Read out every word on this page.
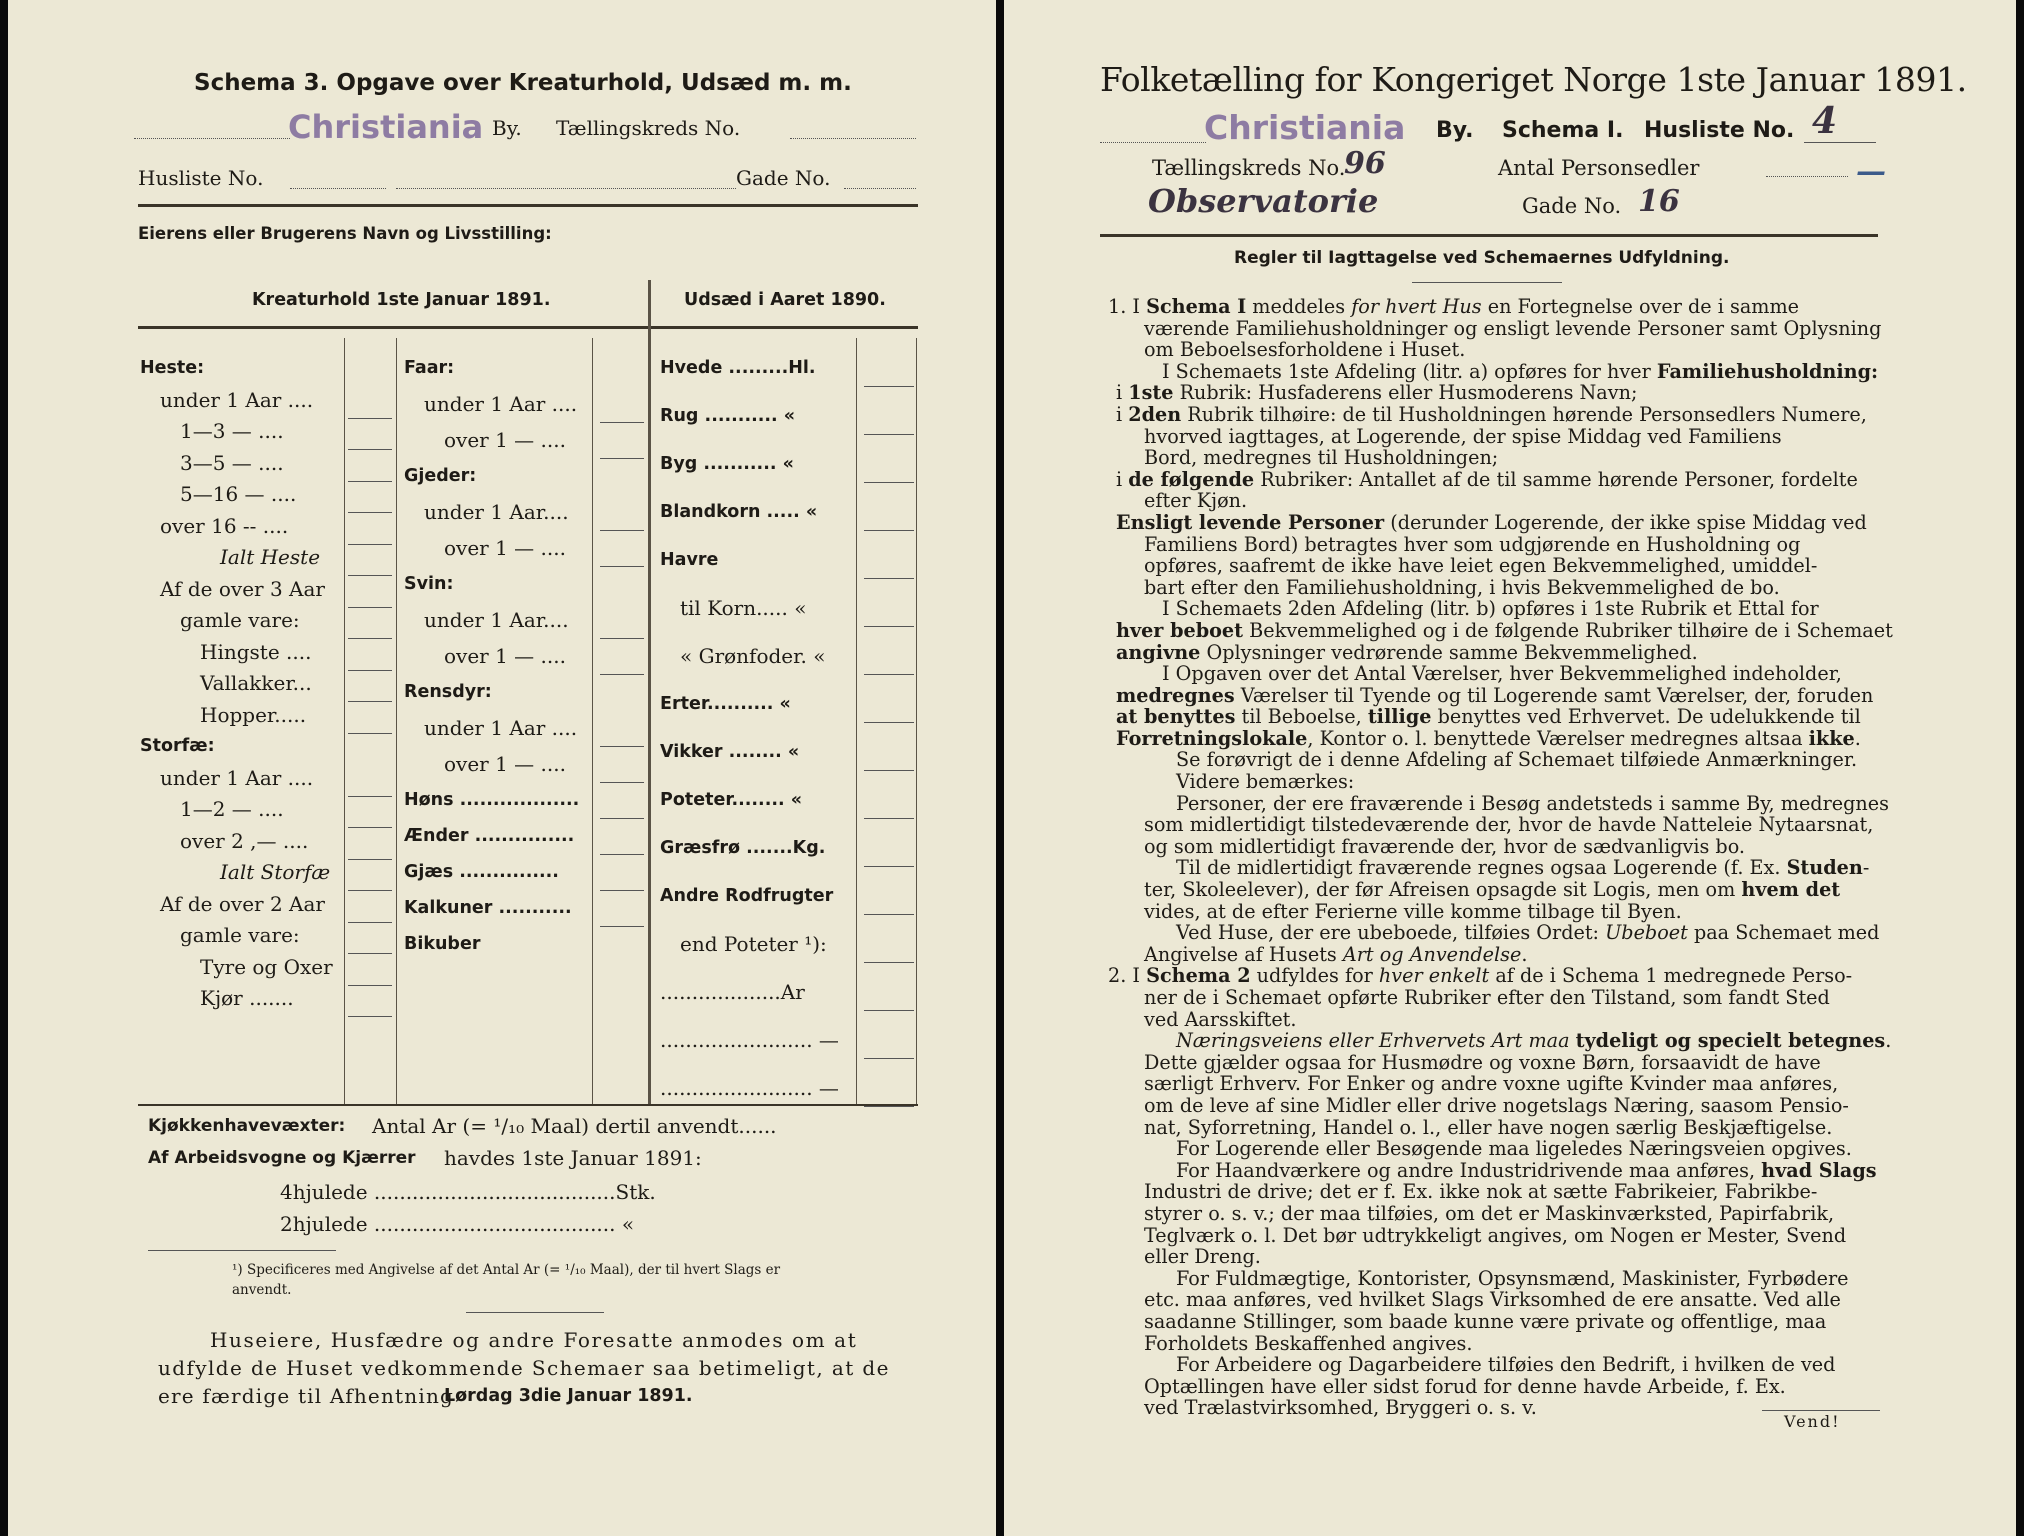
Schema 3. Opgave over Kreaturhold, Udsæd m. m.
Christiania By. Tællingskreds No.
Husliste No.	Gade No.
Eierens eller Brugerens Navn og Livsstilling:
Kreaturhold 1ste Januar 1891.	Udsæd i Aaret 1890.
Heste:
under 1 Aar ....
1—3 — ....
3—5 — ....
5—16 — ....
over 16 -- ....
Ialt Heste
Af de over 3 Aar
gamle vare:
Hingste ....
Vallakker...
Hopper.....
Storfæ:
under 1 Aar ....
1—2 — ....
over 2 ,— ....
Ialt Storfæ
Af de over 2 Aar
gamle vare:
Tyre og Oxer
Kjør .......
Faar:
under 1 Aar ....
over 1 — ....
Gjeder:
under 1 Aar....
over 1 — ....
Svin:
under 1 Aar....
over 1 — ....
Rensdyr:
under 1 Aar ....
over 1 — ....
Høns ..................
Ænder ...............
Gjæs ...............
Kalkuner ...........
Bikuber
Hvede .........Hl.
Rug ........... «
Byg ........... «
Blandkorn ..... «
Havre
til Korn..... «
« Grønfoder. «
Erter.......... «
Vikker ........ «
Poteter........ «
Græsfrø .......Kg.
Andre Rodfrugter
end Poteter ¹):
...................Ar
........................ —
........................ —
Kjøkkenhavevæxter: Antal Ar (= ¹/₁₀ Maal) dertil anvendt......
Af Arbeidsvogne og Kjærrer havdes 1ste Januar 1891:
4hjulede ......................................Stk.
2hjulede ...................................... «
¹) Specificeres med Angivelse af det Antal Ar (= ¹/₁₀ Maal), der til hvert Slags er
anvendt.
Huseiere, Husfædre og andre Foresatte anmodes om at
udfylde de Huset vedkommende Schemaer saa betimeligt, at de
ere færdige til Afhentning
Lørdag 3die Januar 1891.
Folketælling for Kongeriget Norge 1ste Januar 1891.
Christiania By. Schema I. Husliste No. 4
Tællingskreds No.
96	Antal Personsedler	—
Observatorie	Gade No. 16
Regler til Iagttagelse ved Schemaernes Udfyldning.
1. I Schema I meddeles for hvert Hus en Fortegnelse over de i samme
værende Familiehusholdninger og ensligt levende Personer samt Oplysning
om Beboelsesforholdene i Huset.
I Schemaets 1ste Afdeling (litr. a) opføres for hver Familiehusholdning:
i 1ste Rubrik: Husfaderens eller Husmoderens Navn;
i 2den Rubrik tilhøire: de til Husholdningen hørende Personsedlers Numere,
hvorved iagttages, at Logerende, der spise Middag ved Familiens
Bord, medregnes til Husholdningen;
i de følgende Rubriker: Antallet af de til samme hørende Personer, fordelte
efter Kjøn.
Ensligt levende Personer (derunder Logerende, der ikke spise Middag ved
Familiens Bord) betragtes hver som udgjørende en Husholdning og
opføres, saafremt de ikke have leiet egen Bekvemmelighed, umiddel-
bart efter den Familiehusholdning, i hvis Bekvemmelighed de bo.
I Schemaets 2den Afdeling (litr. b) opføres i 1ste Rubrik et Ettal for
hver beboet Bekvemmelighed og i de følgende Rubriker tilhøire de i Schemaet
angivne Oplysninger vedrørende samme Bekvemmelighed.
I Opgaven over det Antal Værelser, hver Bekvemmelighed indeholder,
medregnes Værelser til Tyende og til Logerende samt Værelser, der, foruden
at benyttes til Beboelse, tillige benyttes ved Erhvervet. De udelukkende til
Forretningslokale, Kontor o. l. benyttede Værelser medregnes altsaa ikke.
Se forøvrigt de i denne Afdeling af Schemaet tilføiede Anmærkninger.
Videre bemærkes:
Personer, der ere fraværende i Besøg andetsteds i samme By, medregnes
som midlertidigt tilstedeværende der, hvor de havde Natteleie Nytaarsnat,
og som midlertidigt fraværende der, hvor de sædvanligvis bo.
Til de midlertidigt fraværende regnes ogsaa Logerende (f. Ex. Studen-
ter, Skoleelever), der før Afreisen opsagde sit Logis, men om hvem det
vides, at de efter Ferierne ville komme tilbage til Byen.
Ved Huse, der ere ubeboede, tilføies Ordet: Ubeboet paa Schemaet med
Angivelse af Husets Art og Anvendelse.
2. I Schema 2 udfyldes for hver enkelt af de i Schema 1 medregnede Perso-
ner de i Schemaet opførte Rubriker efter den Tilstand, som fandt Sted
ved Aarsskiftet.
Næringsveiens eller Erhvervets Art maa tydeligt og specielt betegnes.
Dette gjælder ogsaa for Husmødre og voxne Børn, forsaavidt de have
særligt Erhverv. For Enker og andre voxne ugifte Kvinder maa anføres,
om de leve af sine Midler eller drive nogetslags Næring, saasom Pensio-
nat, Syforretning, Handel o. l., eller have nogen særlig Beskjæftigelse.
For Logerende eller Besøgende maa ligeledes Næringsveien opgives.
For Haandværkere og andre Industridrivende maa anføres, hvad Slags
Industri de drive; det er f. Ex. ikke nok at sætte Fabrikeier, Fabrikbe-
styrer o. s. v.; der maa tilføies, om det er Maskinværksted, Papirfabrik,
Teglværk o. l. Det bør udtrykkeligt angives, om Nogen er Mester, Svend
eller Dreng.
For Fuldmægtige, Kontorister, Opsynsmænd, Maskinister, Fyrbødere
etc. maa anføres, ved hvilket Slags Virksomhed de ere ansatte. Ved alle
saadanne Stillinger, som baade kunne være private og offentlige, maa
Forholdets Beskaffenhed angives.
For Arbeidere og Dagarbeidere tilføies den Bedrift, i hvilken de ved
Optællingen have eller sidst forud for denne havde Arbeide, f. Ex.
ved Trælastvirksomhed, Bryggeri o. s. v.
Vend!
